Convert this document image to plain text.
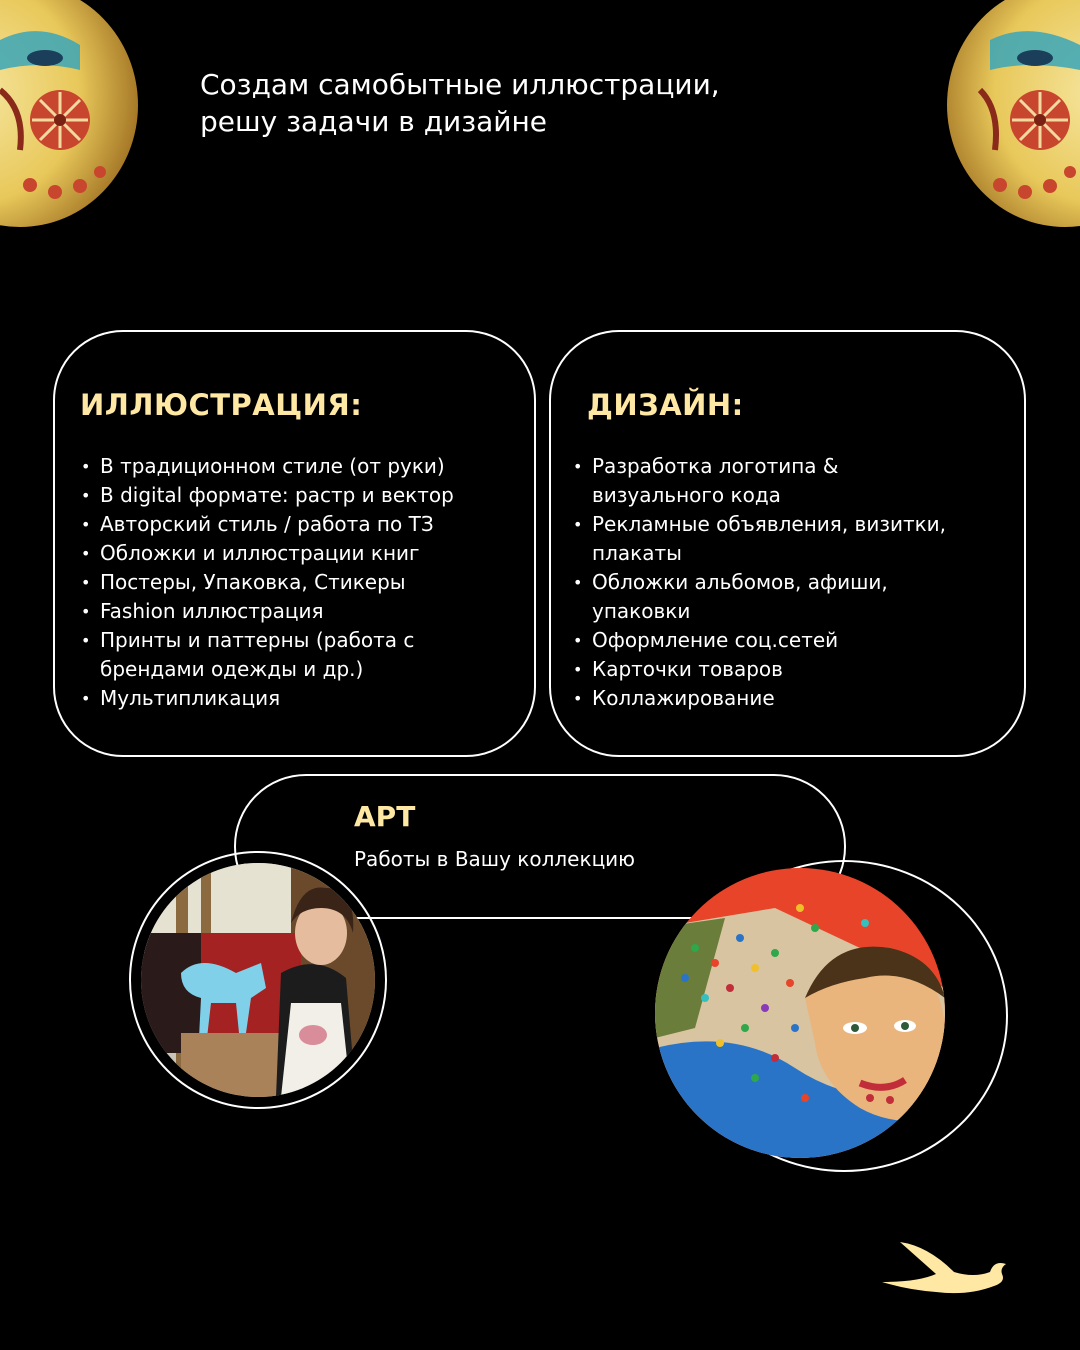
Создам самобытные иллюстрации,
решу задачи в дизайне
ИЛЛЮСТРАЦИЯ:
• В традиционном стиле (от руки)
• В digital формате: растр и вектор
• Авторский стиль / работа по ТЗ
• Обложки и иллюстрации книг
• Постеры, Упаковка, Стикеры
• Fashion иллюстрация
• Принты и паттерны (работа с брендами одежды и др.)
• Мультипликация
ДИЗАЙН:
• Разработка логотипа & визуального кода
• Рекламные объявления, визитки, плакаты
• Обложки альбомов, афиши, упаковки
• Оформление соц.сетей
• Карточки товаров
• Коллажирование
АРТ

Работы в Вашу коллекцию
